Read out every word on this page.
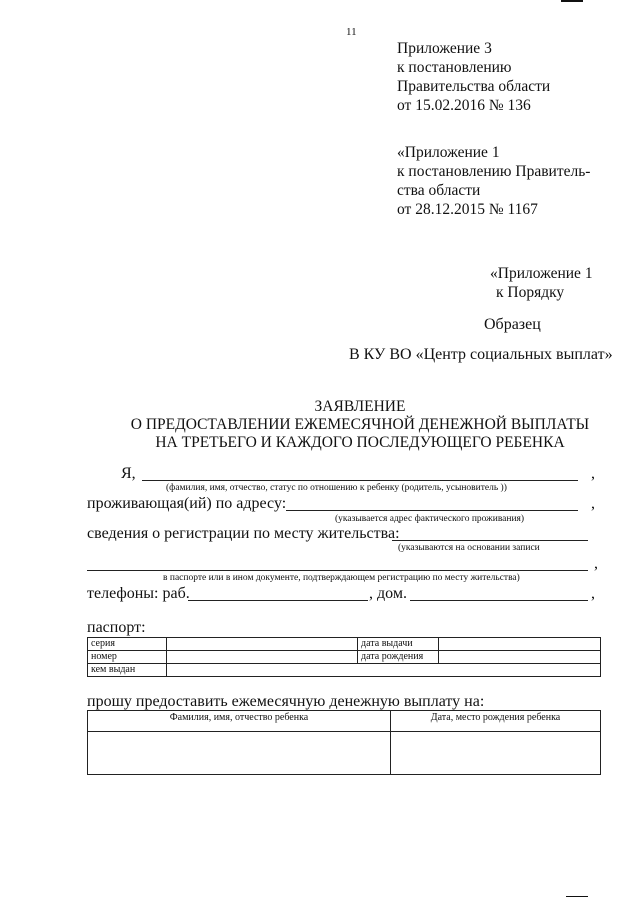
11
Приложение 3
к постановлению
Правительства области
от 15.02.2016 № 136
«Приложение 1
к постановлению Правитель-
ства области
от 28.12.2015 № 1167
«Приложение 1
к Порядку
Образец
В КУ ВО «Центр социальных выплат»
ЗАЯВЛЕНИЕ
О ПРЕДОСТАВЛЕНИИ ЕЖЕМЕСЯЧНОЙ ДЕНЕЖНОЙ ВЫПЛАТЫ
НА ТРЕТЬЕГО И КАЖДОГО ПОСЛЕДУЮЩЕГО РЕБЕНКА
Я,	,
(фамилия, имя, отчество, статус по отношению к ребенку (родитель, усыновитель ))
проживающая(ий) по адресу:	,
(указывается адрес фактического проживания)
сведения о регистрации по месту жительства:
(указываются на основании записи
,
в паспорте или в ином документе, подтверждающем регистрацию по месту жительства)
телефоны: раб.	, дом.	,
паспорт:
серия		дата выдачи	
номер		дата рождения	
кем выдан			
прошу предоставить ежемесячную денежную выплату на:
Фамилия, имя, отчество ребенка	Дата, место рождения ребенка
